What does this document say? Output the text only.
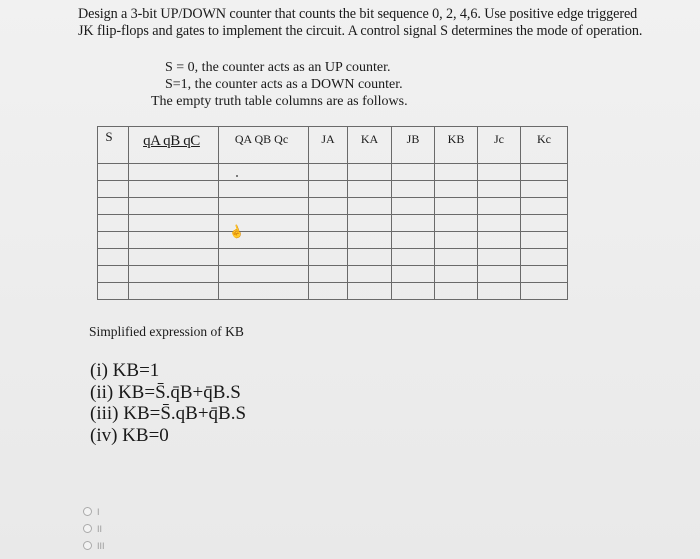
Design a 3-bit UP/DOWN counter that counts the bit sequence 0, 2, 4,6. Use positive edge triggered JK flip-flops and gates to implement the circuit. A control signal S determines the mode of operation.

S = 0, the counter acts as an UP counter.
S=1, the counter acts as a DOWN counter.
The empty truth table columns are as follows.
S	qA qB qC	QA QB Qc	JA	KA	JB	KB	Jc	Kc

☝
Simplified expression of KB
(i) KB=1
(ii) KB=S̄.q̄B+q̄B.S
(iii) KB=S̄.qB+q̄B.S
(iv) KB=0
I
II
III
